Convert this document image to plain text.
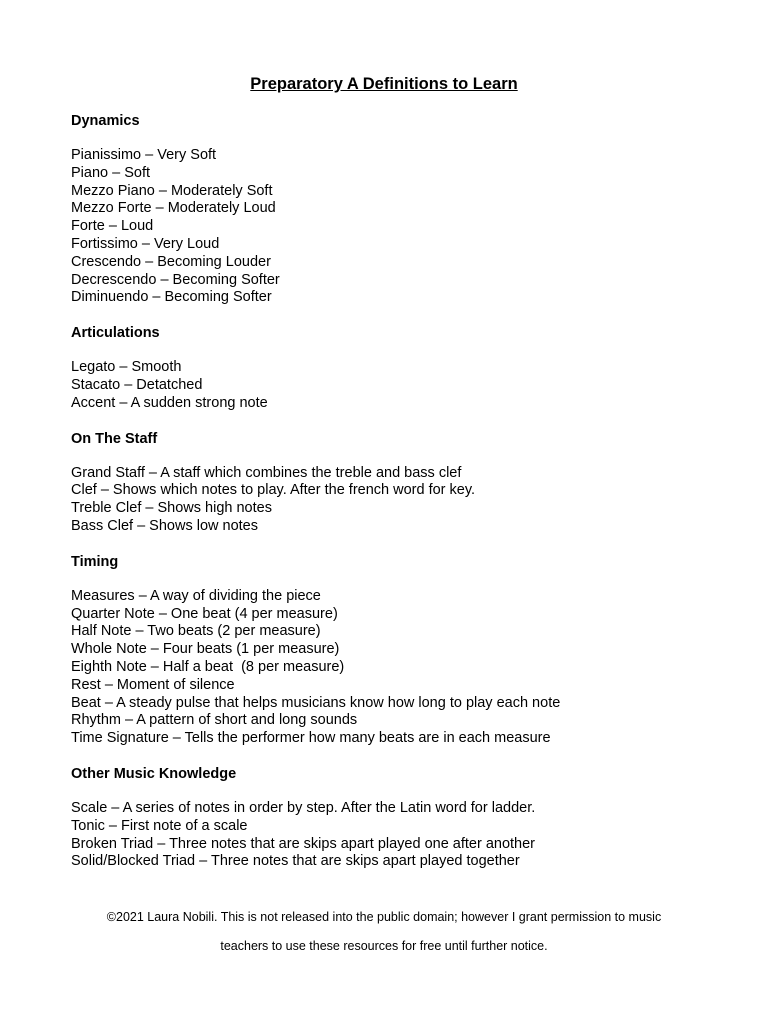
Preparatory A Definitions to Learn
Dynamics
Pianissimo – Very Soft
Piano – Soft
Mezzo Piano – Moderately Soft
Mezzo Forte – Moderately Loud
Forte – Loud
Fortissimo – Very Loud
Crescendo – Becoming Louder
Decrescendo – Becoming Softer
Diminuendo – Becoming Softer
Articulations
Legato – Smooth
Stacato – Detatched
Accent – A sudden strong note
On The Staff
Grand Staff – A staff which combines the treble and bass clef
Clef – Shows which notes to play. After the french word for key.
Treble Clef – Shows high notes
Bass Clef – Shows low notes
Timing
Measures – A way of dividing the piece
Quarter Note – One beat (4 per measure)
Half Note – Two beats (2 per measure)
Whole Note – Four beats (1 per measure)
Eighth Note – Half a beat  (8 per measure)
Rest – Moment of silence
Beat – A steady pulse that helps musicians know how long to play each note
Rhythm – A pattern of short and long sounds
Time Signature – Tells the performer how many beats are in each measure
Other Music Knowledge
Scale – A series of notes in order by step. After the Latin word for ladder.
Tonic – First note of a scale
Broken Triad – Three notes that are skips apart played one after another
Solid/Blocked Triad – Three notes that are skips apart played together

©2021 Laura Nobili. This is not released into the public domain; however I grant permission to music

teachers to use these resources for free until further notice.
